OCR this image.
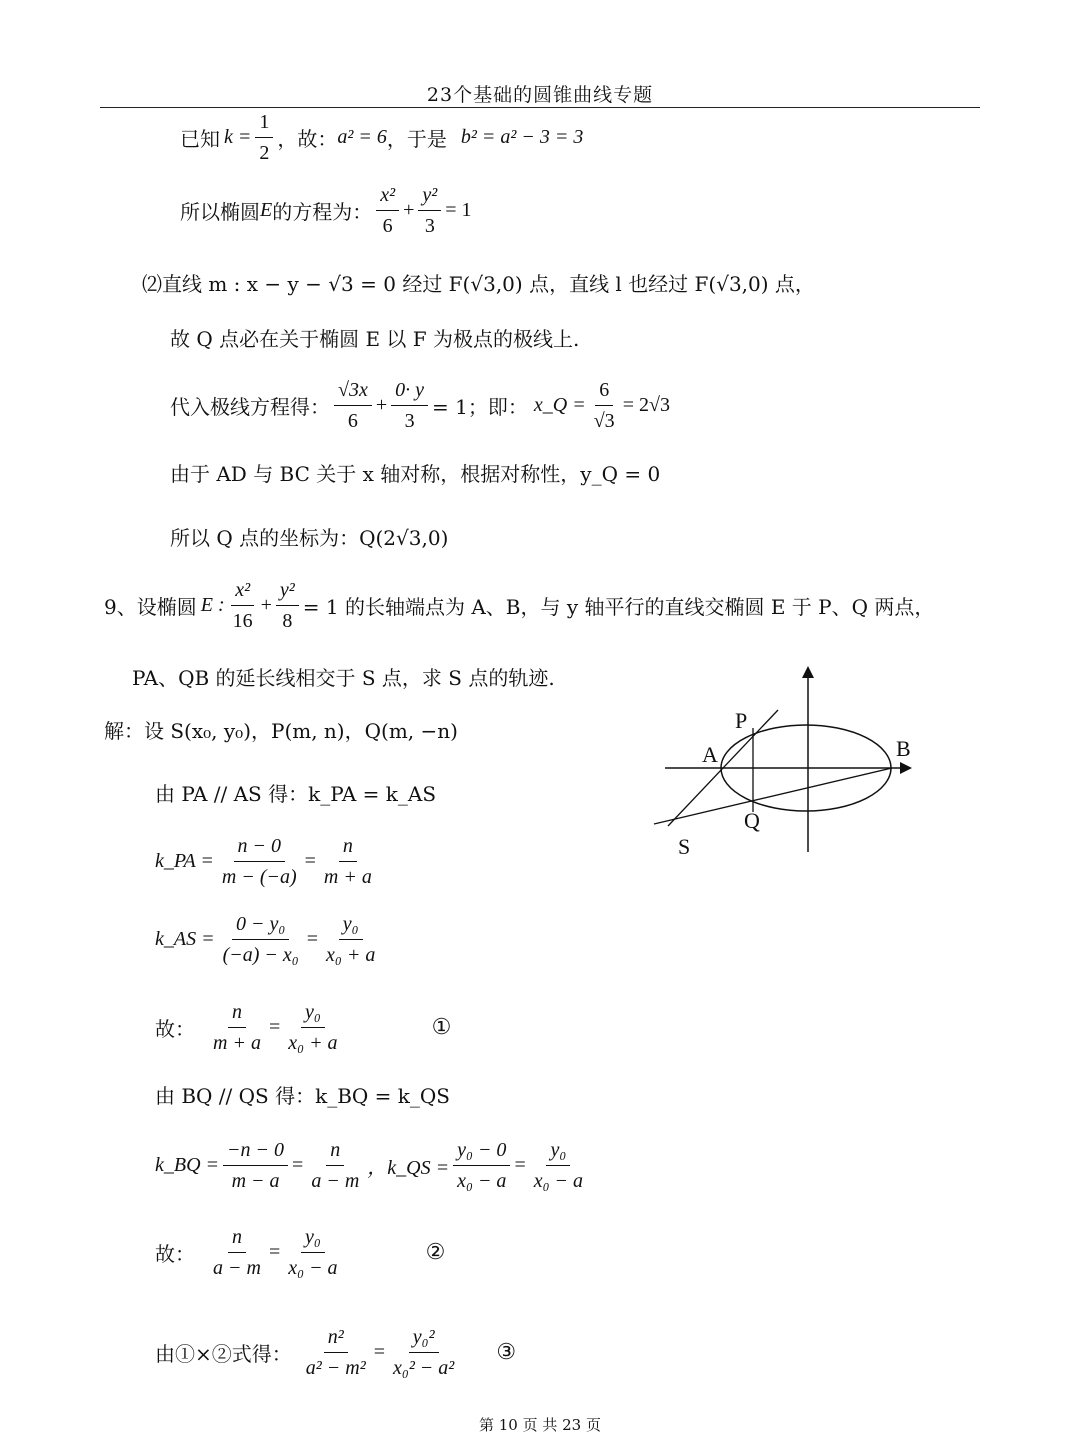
23个基础的圆锥曲线专题
已知 $k = \frac{1}{2}$ ，故： a² = 6 ，于是 b² = a² − 3 = 3
所以椭圆 E 的方程为： $\frac{\text{x²}}{6} + \frac{\text{y²}}{3} = 1$
⑵直线 m : x − y − √3 = 0 经过 F(√3,0) 点，直线 l 也经过 F(√3,0) 点，
故 Q 点必在关于椭圆 E 以 F 为极点的极线上.
代入极线方程得： $\frac{√3x}{6} + \frac{0\cdot y}{3} = 1$；即： x_Q = $\frac{6}{√3} = 2√3$
由于 AD 与 BC 关于 x 轴对称，根据对称性，y_Q = 0
所以 Q 点的坐标为：Q(2√3,0)
9、设椭圆 E : $\frac{\text{x²}}{16} + \frac{\text{y²}}{8} = 1$ 的长轴端点为 A、B，与 y 轴平行的直线交椭圆 E 于 P、Q 两点，
PA、QB 的延长线相交于 S 点，求 S 点的轨迹.
解：设 S(x₀, y₀)，P(m, n)，Q(m, −n)
由 PA // AS 得：k_PA = k_AS
k_PA = $\frac{n - 0}{m - (-a)} = \frac{n}{m + a}$
k_AS = $\frac{\text{0 − y₀}}{\text{(−a) − x₀}} = \frac{\text{y₀}}{\text{x₀ + a}}$
故： $\frac{n}{m + a} = \frac{\text{y₀}}{\text{x₀ + a}}$	①
由 BQ // QS 得：k_BQ = k_QS
k_BQ = $\frac{-n - 0}{m - a} = \frac{n}{a - m}$ ，k_QS = $\frac{\text{y₀ − 0}}{\text{x₀ − a}} = \frac{\text{y₀}}{\text{x₀ − a}}$
故： $\frac{n}{a - m} = \frac{\text{y₀}}{\text{x₀ − a}}$	②
由①×②式得： $\frac{\text{n²}}{\text{a² − m²}} = \frac{\text{y₀²}}{\text{x₀² − a²}}$ ③
P
A	B
Q
S
第 10 页 共 23 页
